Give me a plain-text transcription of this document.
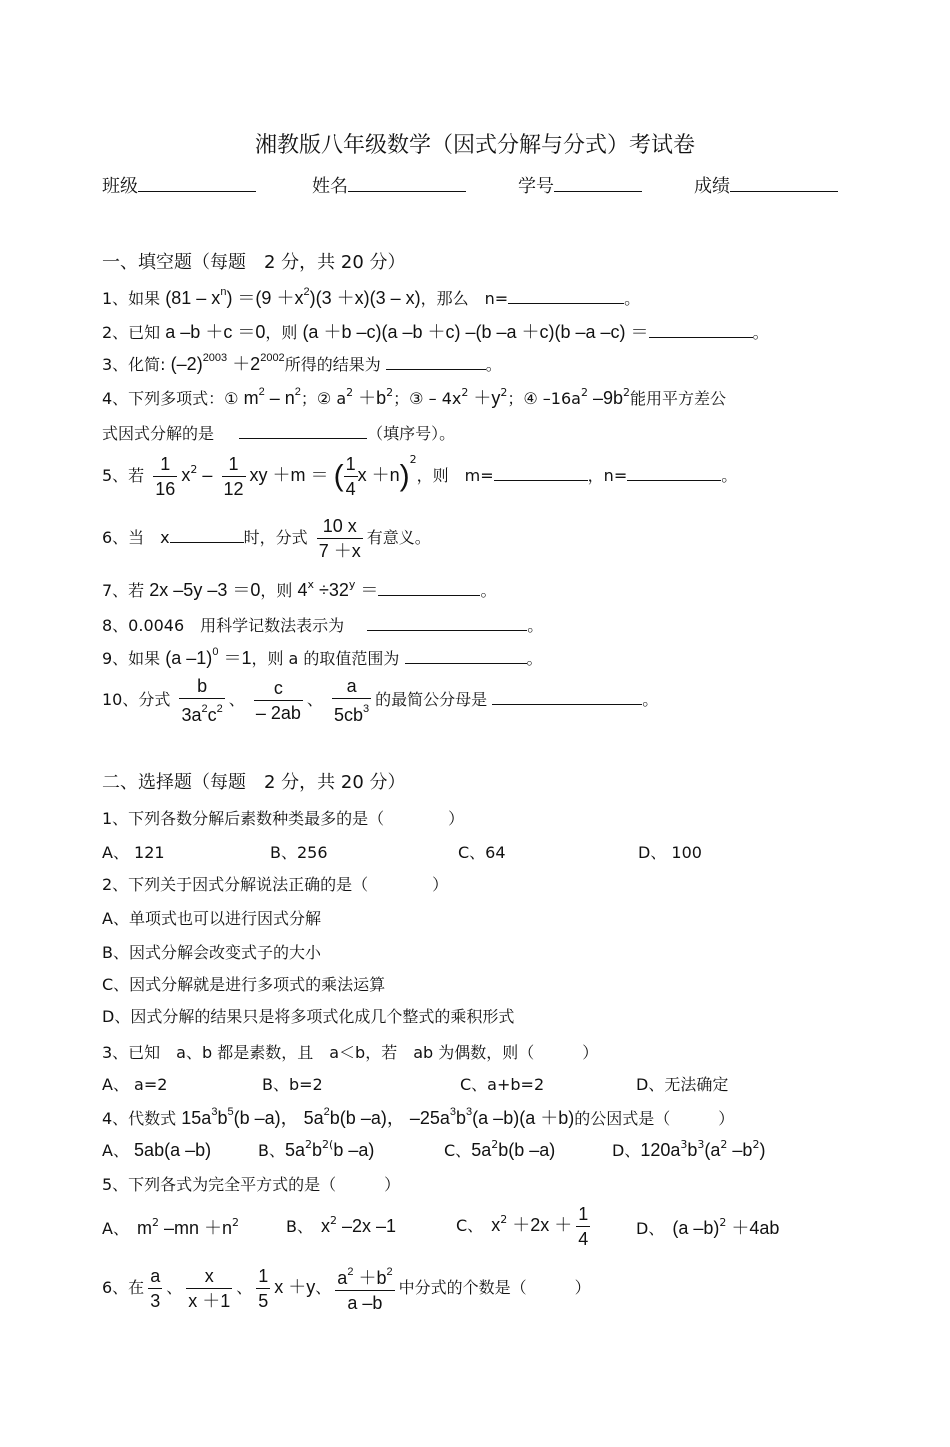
湘教版八年级数学（因式分解与分式）考试卷
班级	姓名	学号	成绩
一、填空题（每题　2 分，共 20 分）
1、如果 $(81 - x^n) =(9 +x^2)(3 +x)(3 - x)$，那么　n=	。
2、已知 a –b ＋c ＝0，则 (a ＋b –c)(a –b ＋c) –(b –a ＋c)(b –a –c) ＝	。
3、化简: $(-2)^{2003} +2^{2002}$所得的结果为	。
4、下列多项式：① $m^2 - n^2$；② $a^2 +b^2$；③ – $4x^2 +y^2$；④ $-16a^2$ $-9b^2$能用平方差公
式因式分解的是	（填序号）。
5、若 $\frac{1}{16} x^2 - \frac{1}{12}$ xy ＋m ＝ ( $\frac{1}{4}$ x ＋n)$^2$，则　m=	，n=	。
6、当　x	时，分式 $\frac{10 x}{7 +x}$ 有意义。
7、若 2x –5y –3 ＝0，则 $4^x \div 32^y$ ＝	。
8、0.0046　用科学记数法表示为	。
9、如果 (a –1)$^0$ ＝1，则 a 的取值范围为	。
10、分式 $\frac{b}{3a^2c^2}$ 、 $\frac{c}{- 2ab}$ 、 $\frac{a}{5cb^3}$ 的最简公分母是	。
二、选择题（每题　2 分，共 20 分）
1、下列各数分解后素数种类最多的是（　　　　）
A、 121	B、256	C、64	D、 100
2、下列关于因式分解说法正确的是（　　　　）
A、单项式也可以进行因式分解
B、因式分解会改变式子的大小
C、因式分解就是进行多项式的乘法运算
D、因式分解的结果只是将多项式化成几个整式的乘积形式
3、已知　a、b 都是素数，且　a＜b，若　ab 为偶数，则（　　　）
A、 a=2	B、b=2	C、a+b=2	D、无法确定
4、代数式 $15a^3b^5(b$ –a)， $5a^2b(b$ –a)， $-25a^3b^3(a$ –b)(a ＋b)的公因式是（　　　）
A、 5ab(a –b)	B、$5a^2b^{2(}b$ –a)	C、$5a^2b(b$ –a)	D、$120a^3b^3(a^2$ $-b^2$)
5、下列各式为完全平方式的是（　　　）
A、　 $m^2$ $-mn +n^2$	B、　 $x^2$ –2x –1	C、　 $x^2 +2x + \frac{1}{4}$	D、　 (a –b)$^2$ ＋4ab
6、在 $\frac{a}{3}$ 、 $\frac{x}{x +1}$ 、 $\frac{1}{5}$ x ＋y、 $\frac{a^2 +b^2}{a -b}$ 中分式的个数是（　　　）
